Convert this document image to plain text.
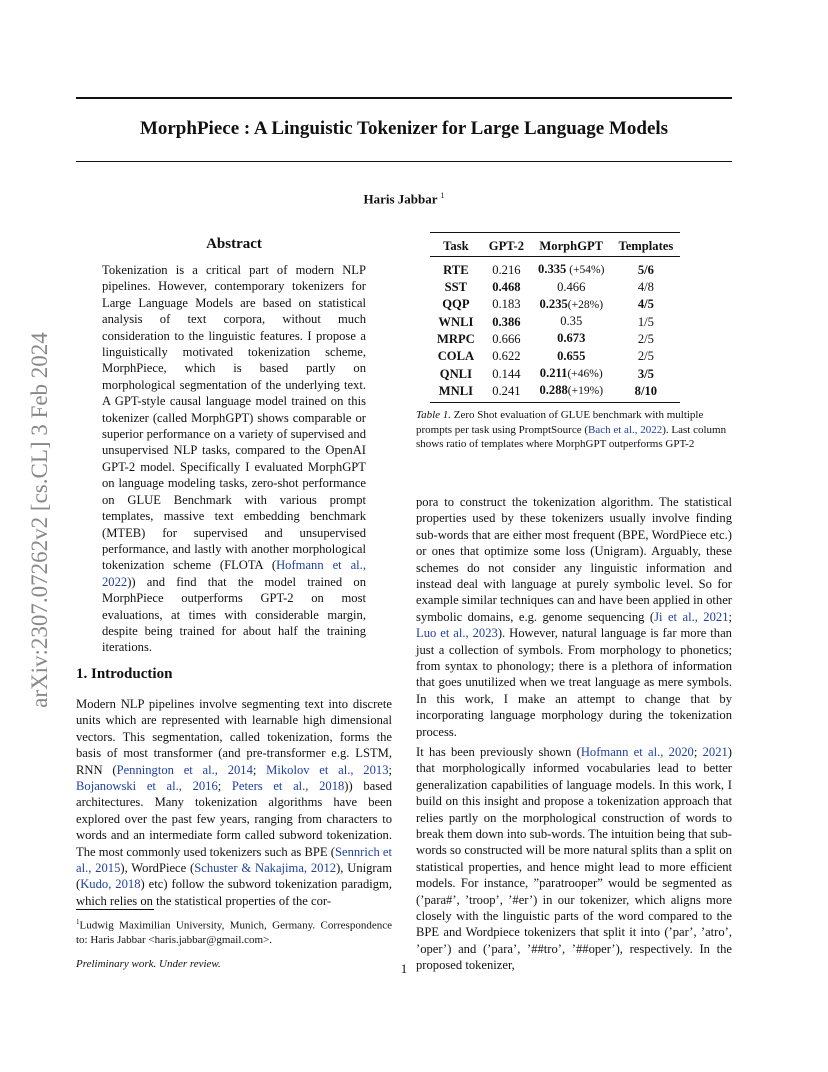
arXiv:2307.07262v2 [cs.CL] 3 Feb 2024
MorphPiece : A Linguistic Tokenizer for Large Language Models
Haris Jabbar $^1$
Abstract
Tokenization is a critical part of modern NLP pipelines. However, contemporary tokenizers for Large Language Models are based on statistical analysis of text corpora, without much consideration to the linguistic features. I propose a linguistically motivated tokenization scheme, MorphPiece, which is based partly on morphological segmentation of the underlying text. A GPT-style causal language model trained on this tokenizer (called MorphGPT) shows comparable or superior performance on a variety of supervised and unsupervised NLP tasks, compared to the OpenAI GPT-2 model. Specifically I evaluated MorphGPT on language modeling tasks, zero-shot performance on GLUE Benchmark with various prompt templates, massive text embedding benchmark (MTEB) for supervised and unsupervised performance, and lastly with another morphological tokenization scheme (FLOTA (Hofmann et al., 2022)) and find that the model trained on MorphPiece outperforms GPT-2 on most evaluations, at times with considerable margin, despite being trained for about half the training iterations.
1. Introduction
Modern NLP pipelines involve segmenting text into discrete units which are represented with learnable high dimensional vectors. This segmentation, called tokenization, forms the basis of most transformer (and pre-transformer e.g. LSTM, RNN (Pennington et al., 2014; Mikolov et al., 2013; Bojanowski et al., 2016; Peters et al., 2018)) based architectures. Many tokenization algorithms have been explored over the past few years, ranging from characters to words and an intermediate form called subword tokenization. The most commonly used tokenizers such as BPE (Sennrich et al., 2015), WordPiece (Schuster & Nakajima, 2012), Unigram (Kudo, 2018) etc) follow the subword tokenization paradigm, which relies on the statistical properties of the cor-
Task	GPT-2	MorphGPT	Templates
RTE	0.216	0.335 (+54%)	5/6
SST	0.468	0.466	4/8
QQP	0.183	0.235(+28%)	4/5
WNLI	0.386	0.35	1/5
MRPC	0.666	0.673	2/5
COLA	0.622	0.655	2/5
QNLI	0.144	0.211(+46%)	3/5
MNLI	0.241	0.288(+19%)	8/10
Table 1. Zero Shot evaluation of GLUE benchmark with multiple prompts per task using PromptSource (Bach et al., 2022). Last column shows ratio of templates where MorphGPT outperforms GPT-2
pora to construct the tokenization algorithm. The statistical properties used by these tokenizers usually involve finding sub-words that are either most frequent (BPE, WordPiece etc.) or ones that optimize some loss (Unigram). Arguably, these schemes do not consider any linguistic information and instead deal with language at purely symbolic level. So for example similar techniques can and have been applied in other symbolic domains, e.g. genome sequencing (Ji et al., 2021; Luo et al., 2023). However, natural language is far more than just a collection of symbols. From morphology to phonetics; from syntax to phonology; there is a plethora of information that goes unutilized when we treat language as mere symbols. In this work, I make an attempt to change that by incorporating language morphology during the tokenization process.
It has been previously shown (Hofmann et al., 2020; 2021) that morphologically informed vocabularies lead to better generalization capabilities of language models. In this work, I build on this insight and propose a tokenization approach that relies partly on the morphological construction of words to break them down into sub-words. The intuition being that sub-words so constructed will be more natural splits than a split on statistical properties, and hence might lead to more efficient models. For instance, ”paratrooper” would be segmented as (’para#’, ’troop’, ’#er’) in our tokenizer, which aligns more closely with the linguistic parts of the word compared to the BPE and Wordpiece tokenizers that split it into (’par’, ’atro’, ’oper’) and (’para’, ’##tro’, ’##oper’), respectively. In the proposed tokenizer,
$^1$Ludwig Maximilian University, Munich, Germany. Correspondence to: Haris Jabbar <haris.jabbar@gmail.com>.
Preliminary work. Under review.	1
